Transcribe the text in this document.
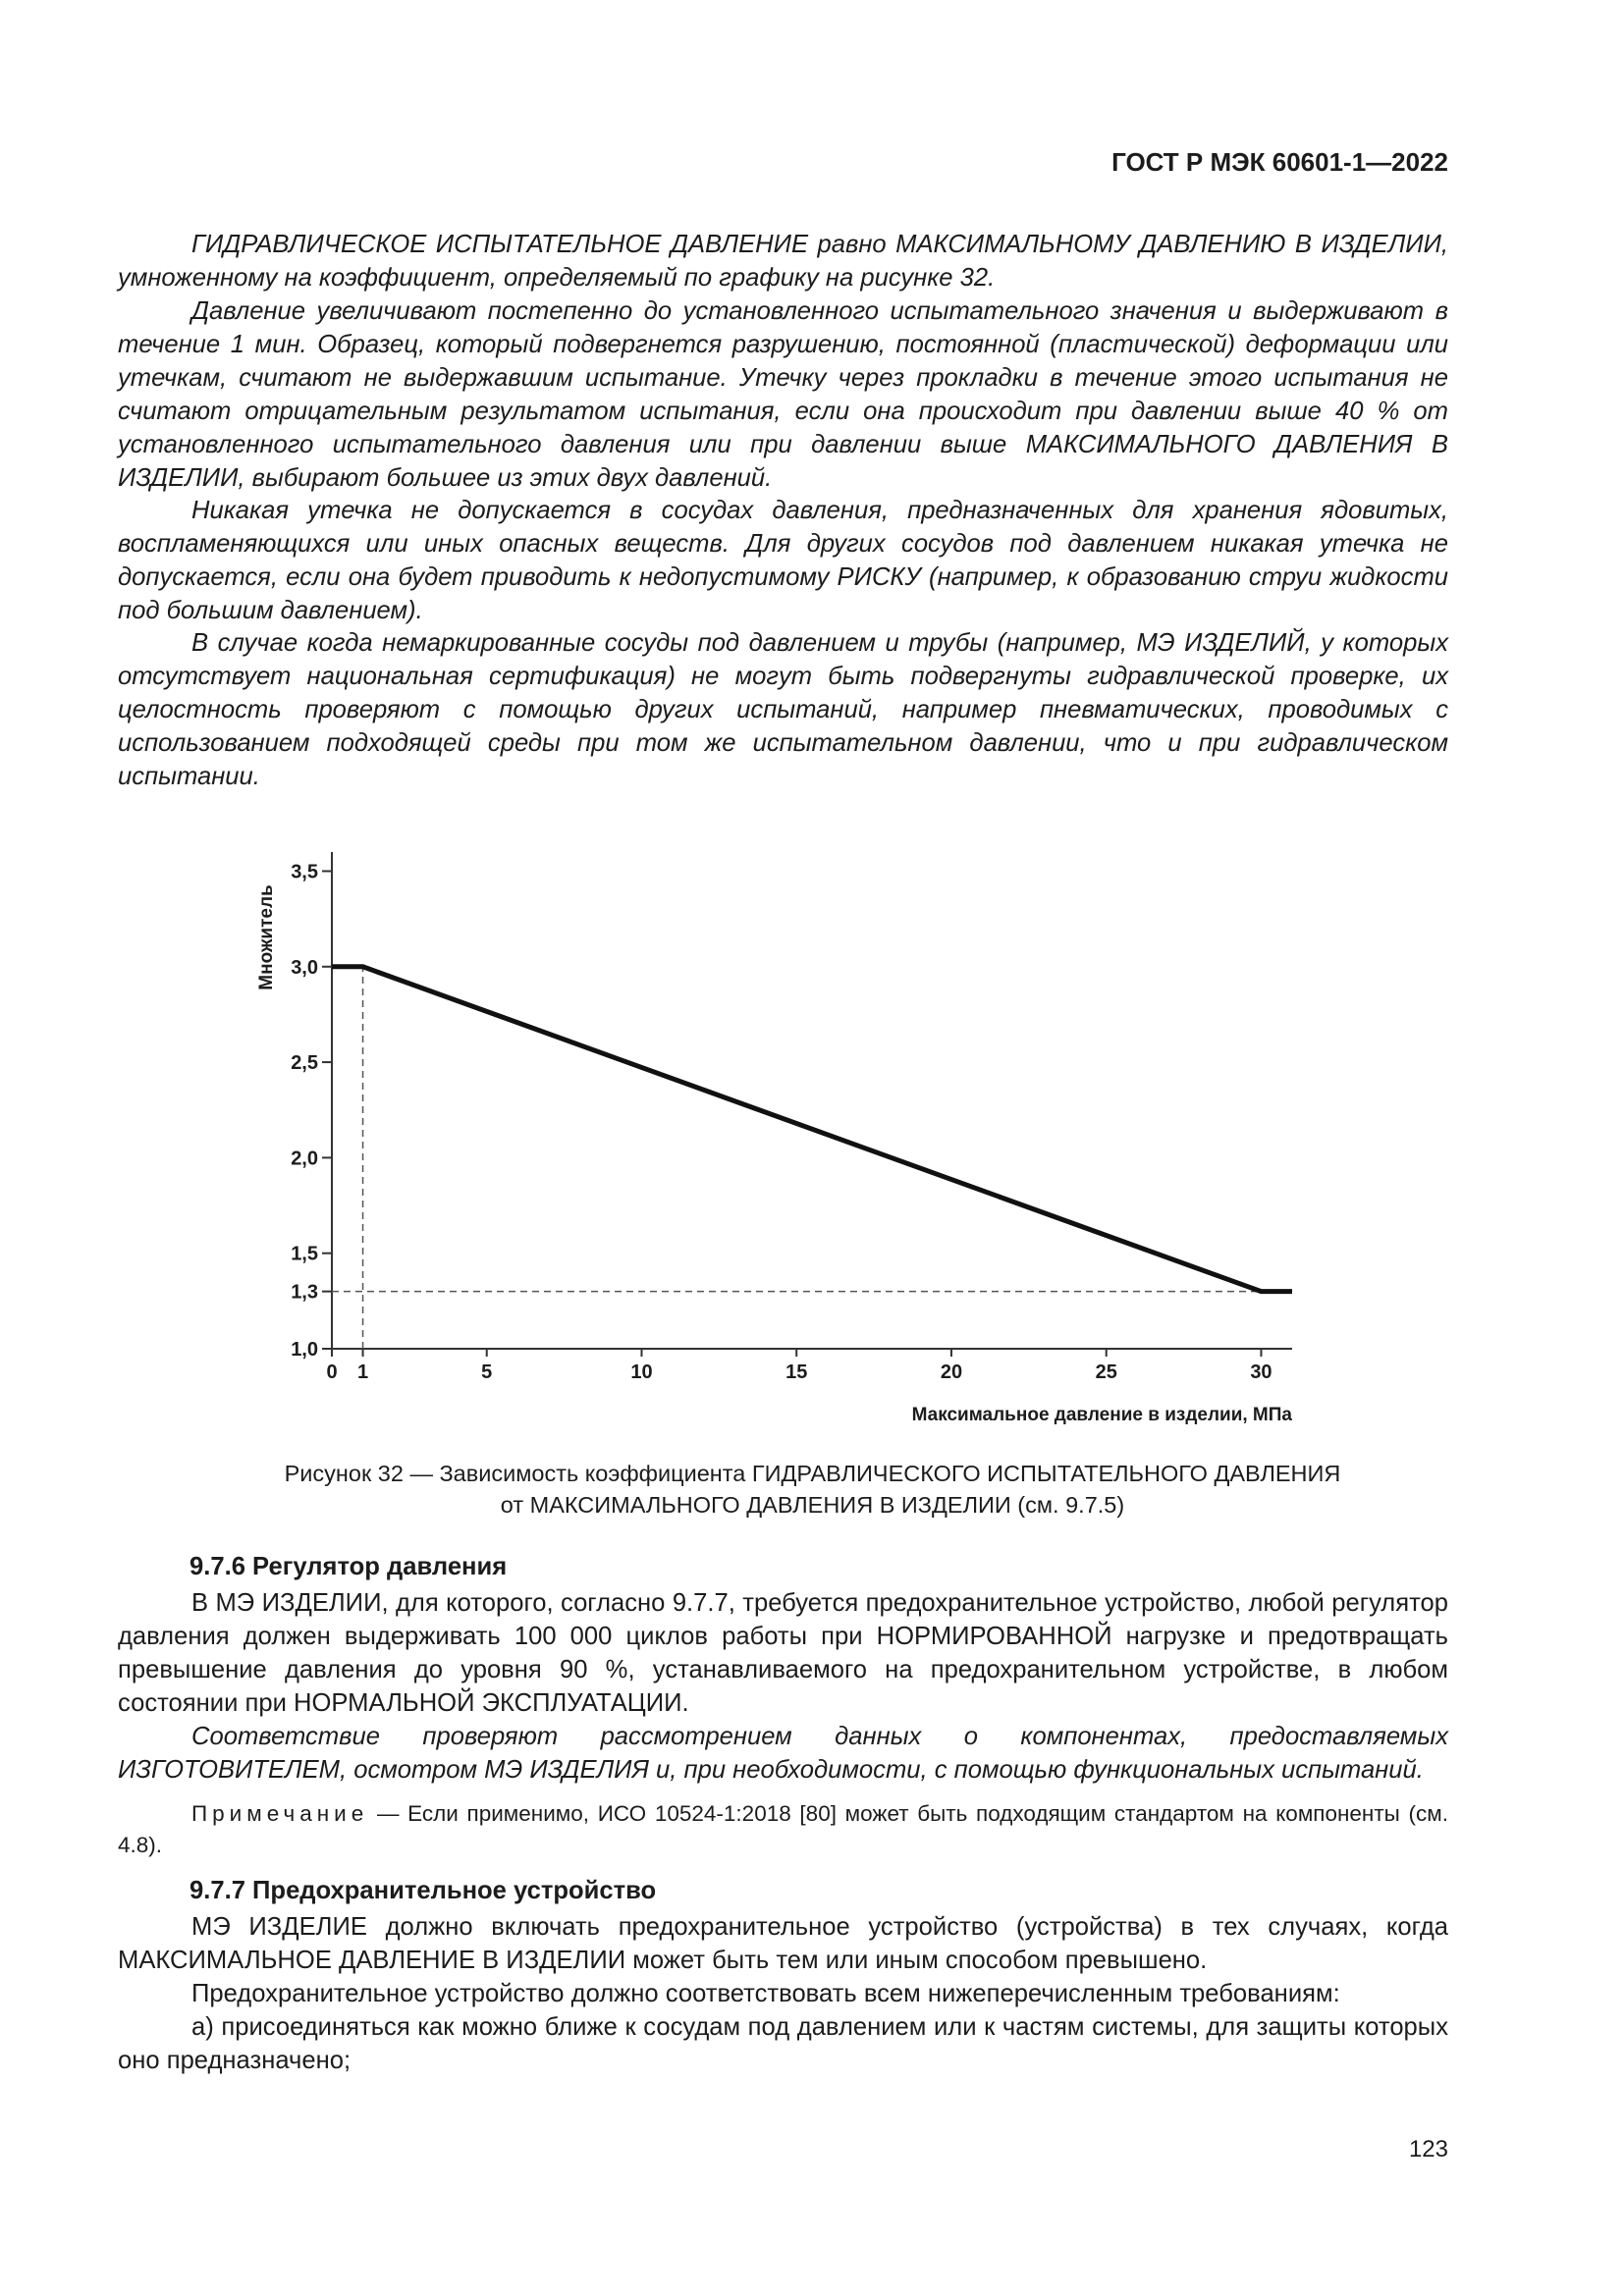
ГОСТ Р МЭК 60601-1—2022

ГИДРАВЛИЧЕСКОЕ ИСПЫТАТЕЛЬНОЕ ДАВЛЕНИЕ равно МАКСИМАЛЬНОМУ ДАВЛЕНИЮ В ИЗДЕЛИИ, умноженному на коэффициент, определяемый по графику на рисунке 32.

Давление увеличивают постепенно до установленного испытательного значения и выдерживают в течение 1 мин. Образец, который подвергнется разрушению, постоянной (пластической) деформации или утечкам, считают не выдержавшим испытание. Утечку через прокладки в течение этого испытания не считают отрицательным результатом испытания, если она происходит при давлении выше 40 % от установленного испытательного давления или при давлении выше МАКСИМАЛЬНОГО ДАВЛЕНИЯ В ИЗДЕЛИИ, выбирают большее из этих двух давлений.

Никакая утечка не допускается в сосудах давления, предназначенных для хранения ядовитых, воспламеняющихся или иных опасных веществ. Для других сосудов под давлением никакая утечка не допускается, если она будет приводить к недопустимому РИСКУ (например, к образованию струи жидкости под большим давлением).

В случае когда немаркированные сосуды под давлением и трубы (например, МЭ ИЗДЕЛИЙ, у которых отсутствует национальная сертификация) не могут быть подвергнуты гидравлической проверке, их целостность проверяют с помощью других испытаний, например пневматических, проводимых с использованием подходящей среды при том же испытательном давлении, что и при гидравлическом испытании.

1,0
1,3
1,5
2,0
2,5
3,0
3,5
0 1	5	10	15	20	25	30
Множитель
Максимальное давление в изделии, МПа
Рисунок 32 — Зависимость коэффициента ГИДРАВЛИЧЕСКОГО ИСПЫТАТЕЛЬНОГО ДАВЛЕНИЯ
от МАКСИМАЛЬНОГО ДАВЛЕНИЯ В ИЗДЕЛИИ (см. 9.7.5)
9.7.6 Регулятор давления

В МЭ ИЗДЕЛИИ, для которого, согласно 9.7.7, требуется предохранительное устройство, любой регулятор давления должен выдерживать 100 000 циклов работы при НОРМИРОВАННОЙ нагрузке и предотвращать превышение давления до уровня 90 %, устанавливаемого на предохранительном устройстве, в любом состоянии при НОРМАЛЬНОЙ ЭКСПЛУАТАЦИИ.

Соответствие проверяют рассмотрением данных о компонентах, предоставляемых ИЗГОТОВИТЕЛЕМ, осмотром МЭ ИЗДЕЛИЯ и, при необходимости, с помощью функциональных испытаний.

Примечание — Если применимо, ИСО 10524-1:2018 [80] может быть подходящим стандартом на компоненты (см. 4.8).

9.7.7 Предохранительное устройство

МЭ ИЗДЕЛИЕ должно включать предохранительное устройство (устройства) в тех случаях, когда МАКСИМАЛЬНОЕ ДАВЛЕНИЕ В ИЗДЕЛИИ может быть тем или иным способом превышено.

Предохранительное устройство должно соответствовать всем нижеперечисленным требованиям:

а) присоединяться как можно ближе к сосудам под давлением или к частям системы, для защиты которых оно предназначено;

123
